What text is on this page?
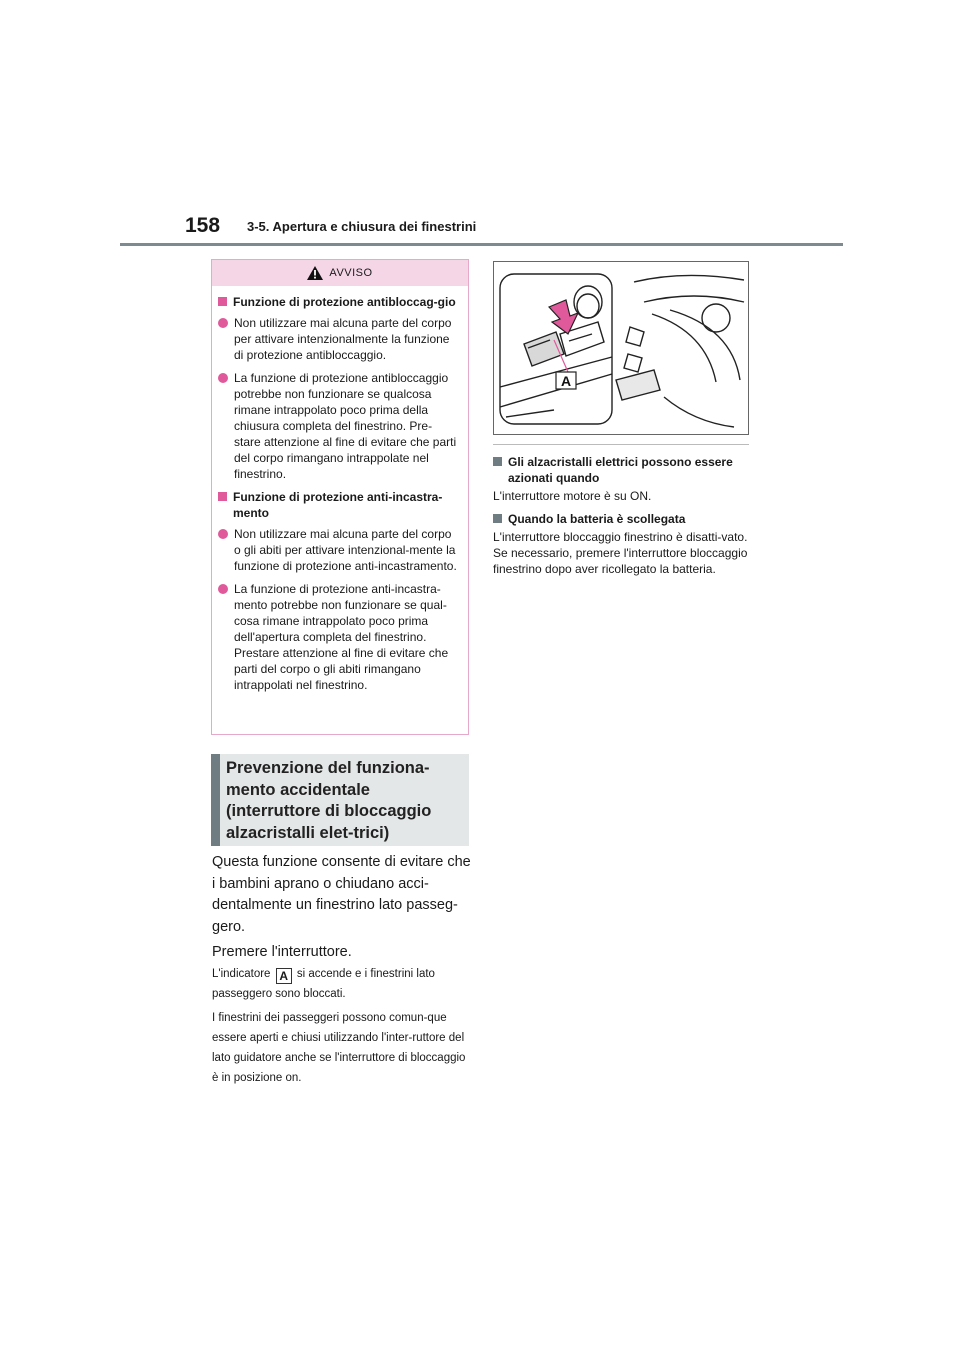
158 3-5. Apertura e chiusura dei finestrini
AVVISO
Funzione di protezione antibloccag-gio
Non utilizzare mai alcuna parte del corpo per attivare intenzionalmente la funzione di protezione antibloccaggio.
La funzione di protezione antibloccaggio potrebbe non funzionare se qualcosa rimane intrappolato poco prima della chiusura completa del finestrino. Pre-stare attenzione al fine di evitare che parti del corpo rimangano intrappolate nel finestrino.
Funzione di protezione anti-incastra-mento
Non utilizzare mai alcuna parte del corpo o gli abiti per attivare intenzional-mente la funzione di protezione anti-incastramento.
La funzione di protezione anti-incastra-mento potrebbe non funzionare se qual-cosa rimane intrappolato poco prima dell'apertura completa del finestrino. Prestare attenzione al fine di evitare che parti del corpo o gli abiti rimangano intrappolati nel finestrino.
Prevenzione del funziona-mento accidentale (interruttore di bloccaggio alzacristalli elet-trici)

Questa funzione consente di evitare che i bambini aprano o chiudano acci-dentalmente un finestrino lato passeg-gero.

Premere l'interruttore.

L'indicatore A si accende e i finestrini lato passeggero sono bloccati.

I finestrini dei passeggeri possono comun-que essere aperti e chiusi utilizzando l'inter-ruttore del lato guidatore anche se l'interruttore di bloccaggio è in posizione on.

A
Gli alzacristalli elettrici possono essere azionati quando

L'interruttore motore è su ON.

Quando la batteria è scollegata

L'interruttore bloccaggio finestrino è disatti-vato. Se necessario, premere l'interruttore bloccaggio finestrino dopo aver ricollegato la batteria.
